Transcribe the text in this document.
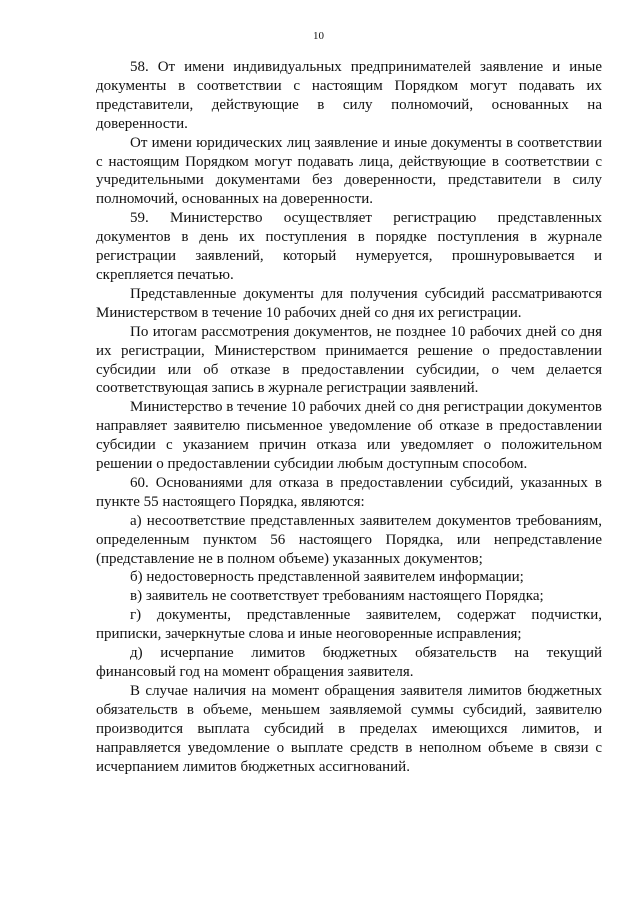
10

58. От имени индивидуальных предпринимателей заявление и иные документы в соответствии с настоящим Порядком могут подавать их представители, действующие в силу полномочий, основанных на доверенности.

От имени юридических лиц заявление и иные документы в соответствии с настоящим Порядком могут подавать лица, действующие в соответствии с учредительными документами без доверенности, представители в силу полномочий, основанных на доверенности.

59. Министерство осуществляет регистрацию представленных документов в день их поступления в порядке поступления в журнале регистрации заявлений, который нумеруется, прошнуровывается и скрепляется печатью.

Представленные документы для получения субсидий рассматриваются Министерством в течение 10 рабочих дней со дня их регистрации.

По итогам рассмотрения документов, не позднее 10 рабочих дней со дня их регистрации, Министерством принимается решение о предоставлении субсидии или об отказе в предоставлении субсидии, о чем делается соответствующая запись в журнале регистрации заявлений.

Министерство в течение 10 рабочих дней со дня регистрации документов направляет заявителю письменное уведомление об отказе в предоставлении субсидии с указанием причин отказа или уведомляет о положительном решении о предоставлении субсидии любым доступным способом.

60. Основаниями для отказа в предоставлении субсидий, указанных в пункте 55 настоящего Порядка, являются:

а) несоответствие представленных заявителем документов требованиям, определенным пунктом 56 настоящего Порядка, или непредставление (представление не в полном объеме) указанных документов;

б) недостоверность представленной заявителем информации;

в) заявитель не соответствует требованиям настоящего Порядка;

г) документы, представленные заявителем, содержат подчистки, приписки, зачеркнутые слова и иные неоговоренные исправления;

д) исчерпание лимитов бюджетных обязательств на текущий финансовый год на момент обращения заявителя.

В случае наличия на момент обращения заявителя лимитов бюджетных обязательств в объеме, меньшем заявляемой суммы субсидий, заявителю производится выплата субсидий в пределах имеющихся лимитов, и направляется уведомление о выплате средств в неполном объеме в связи с исчерпанием лимитов бюджетных ассигнований.
